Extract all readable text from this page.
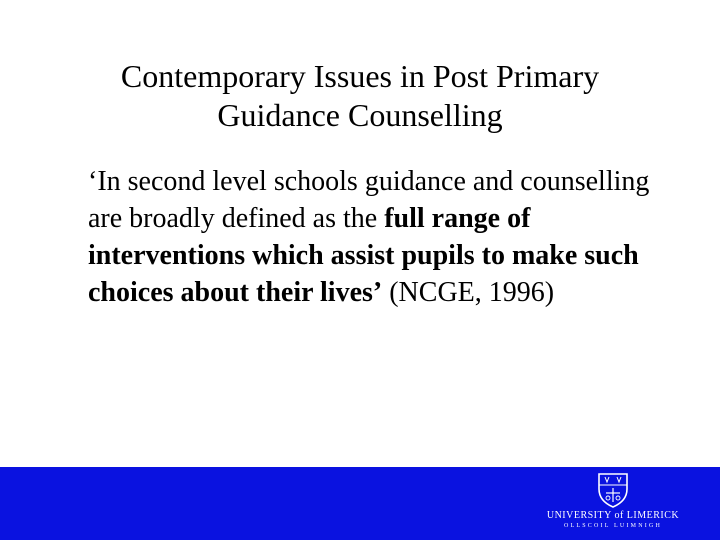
Contemporary Issues in Post Primary
Guidance Counselling
‘In second level schools guidance and counselling are broadly defined as the full range of interventions which assist pupils to make such choices about their lives’ (NCGE, 1996)
UNIVERSITY of LIMERICK
OLLSCOIL LUIMNIGH
